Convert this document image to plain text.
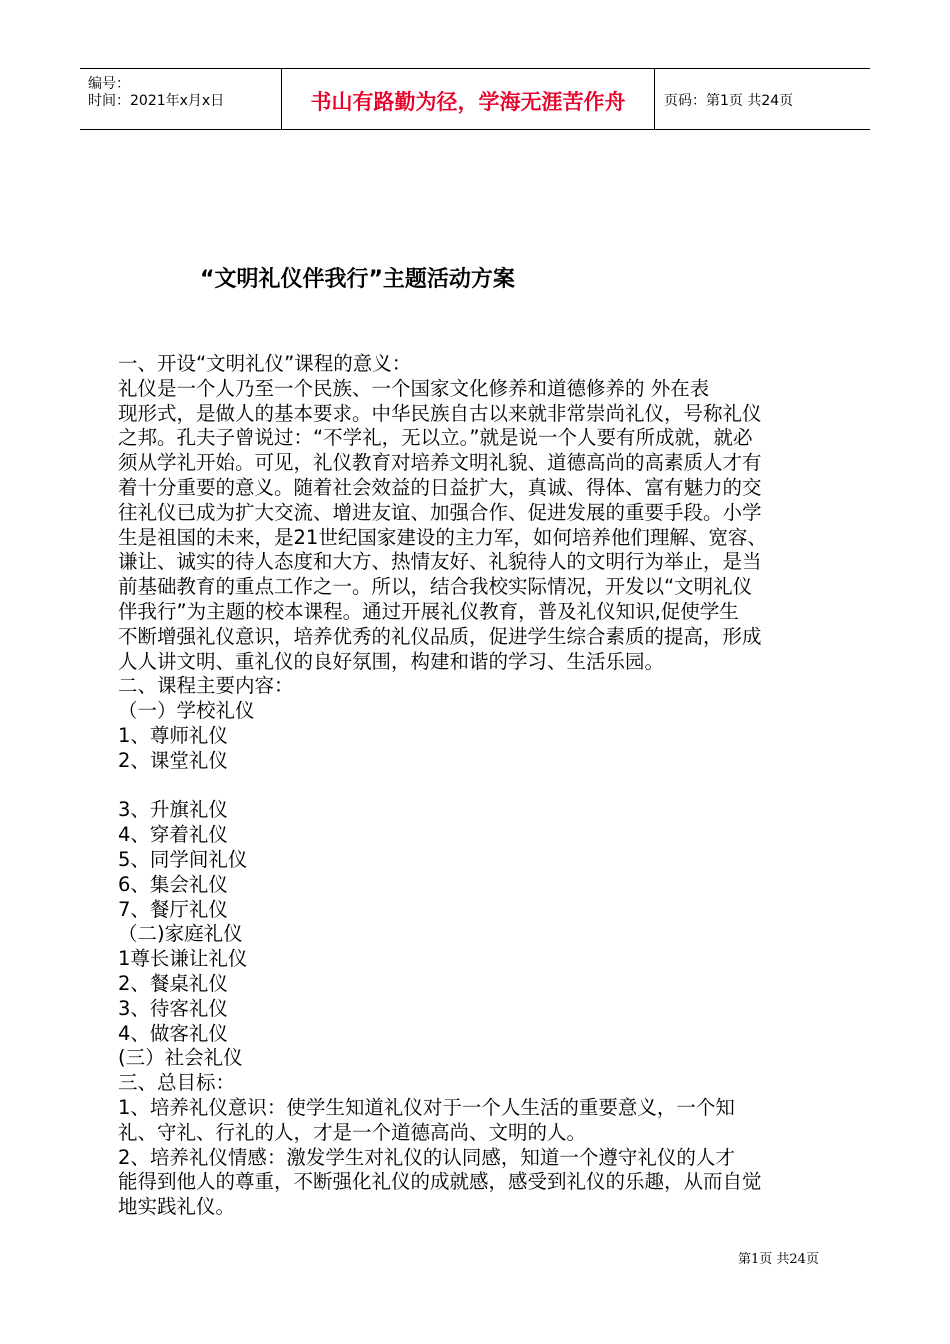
编号：
时间：2021年x月x日	书山有路勤为径，学海无涯苦作舟	页码：第1页 共24页
“文明礼仪伴我行”主题活动方案
一、开设“文明礼仪”课程的意义：
礼仪是一个人乃至一个民族、一个国家文化修养和道德修养的 外在表
现形式，是做人的基本要求。中华民族自古以来就非常崇尚礼仪，号称礼仪
之邦。孔夫子曾说过：“不学礼，无以立。”就是说一个人要有所成就，就必
须从学礼开始。可见，礼仪教育对培养文明礼貌、道德高尚的高素质人才有
着十分重要的意义。随着社会效益的日益扩大，真诚、得体、富有魅力的交
往礼仪已成为扩大交流、增进友谊、加强合作、促进发展的重要手段。小学
生是祖国的未来，是21世纪国家建设的主力军，如何培养他们理解、宽容、
谦让、诚实的待人态度和大方、热情友好、礼貌待人的文明行为举止，是当
前基础教育的重点工作之一。所以，结合我校实际情况，开发以“文明礼仪
伴我行”为主题的校本课程。通过开展礼仪教育，普及礼仪知识,促使学生
不断增强礼仪意识，培养优秀的礼仪品质，促进学生综合素质的提高，形成
人人讲文明、重礼仪的良好氛围，构建和谐的学习、生活乐园。
二、课程主要内容：
（一）学校礼仪
1、尊师礼仪
2、课堂礼仪
3、升旗礼仪
4、穿着礼仪
5、同学间礼仪
6、集会礼仪
7、餐厅礼仪
（二)家庭礼仪
1尊长谦让礼仪
2、餐桌礼仪
3、待客礼仪
4、做客礼仪
(三）社会礼仪
三、总目标：
1、培养礼仪意识：使学生知道礼仪对于一个人生活的重要意义，一个知
礼、守礼、行礼的人，才是一个道德高尚、文明的人。
2、培养礼仪情感：激发学生对礼仪的认同感，知道一个遵守礼仪的人才
能得到他人的尊重，不断强化礼仪的成就感，感受到礼仪的乐趣，从而自觉
地实践礼仪。
第1页 共24页
